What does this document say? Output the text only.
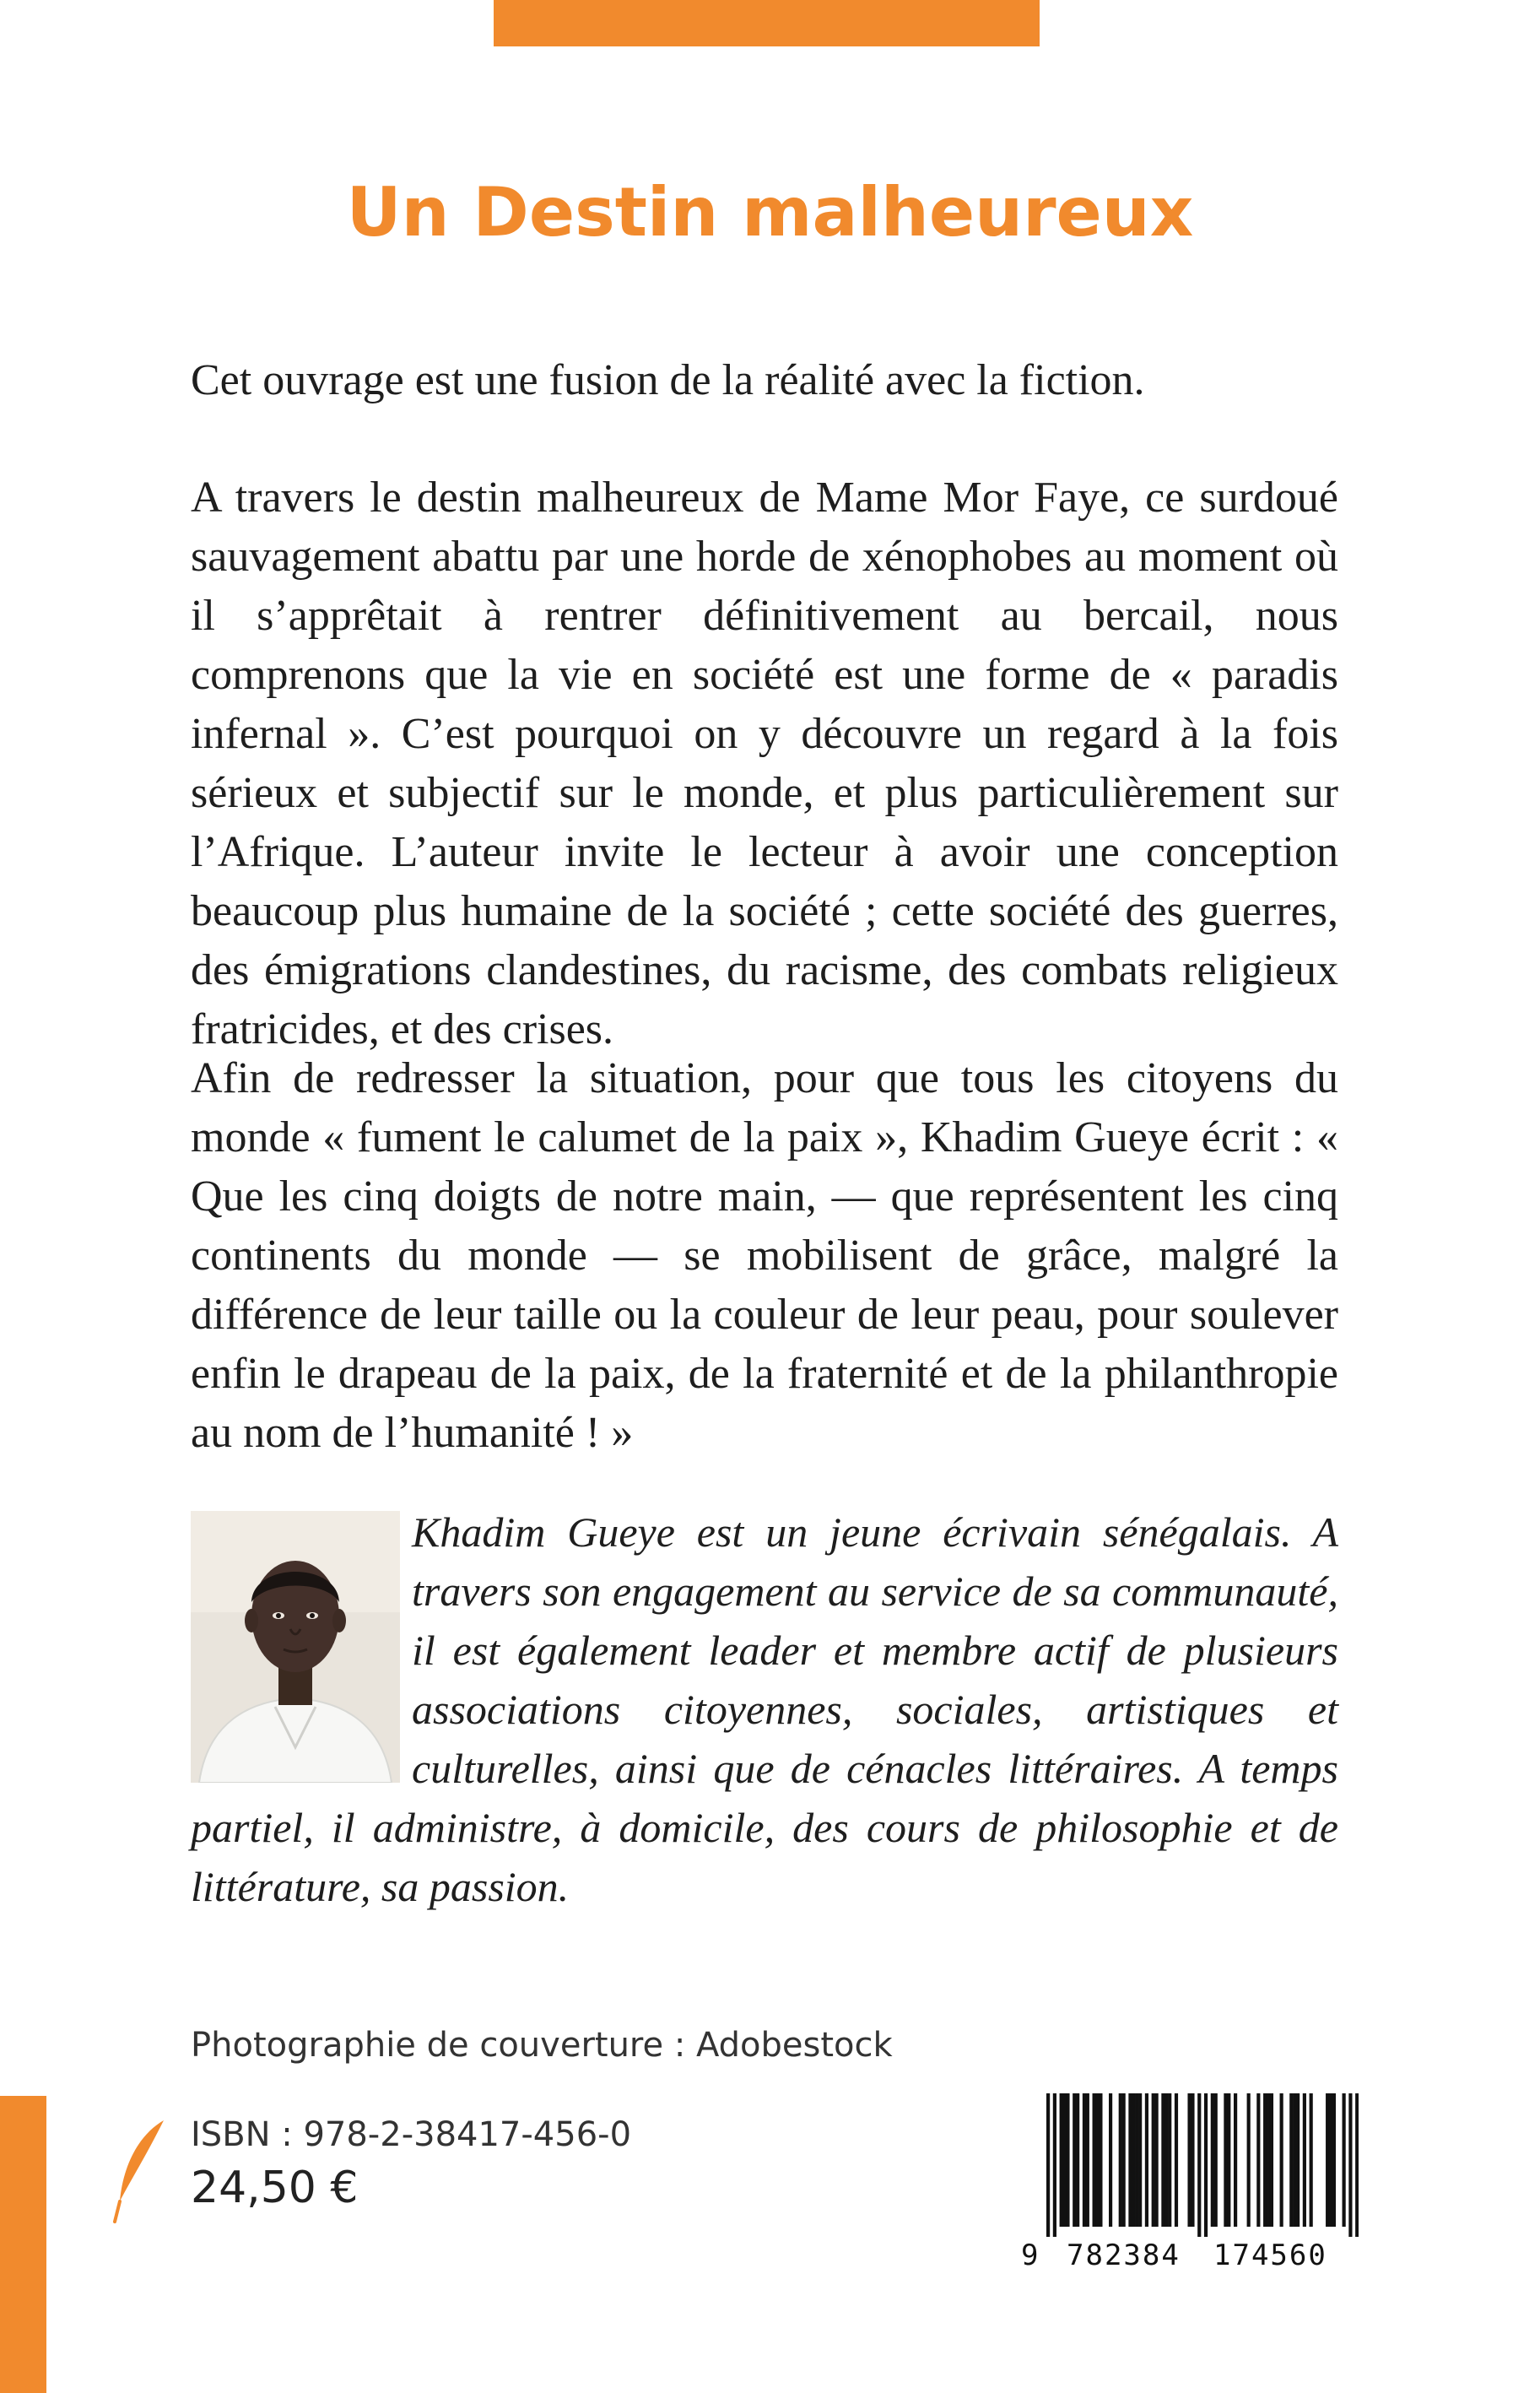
Un Destin malheureux

Cet ouvrage est une fusion de la réalité avec la fiction.

A travers le destin malheureux de Mame Mor Faye, ce surdoué sauvagement abattu par une horde de xénophobes au moment où il s’apprêtait à rentrer définitivement au bercail, nous comprenons que la vie en société est une forme de « paradis infernal ». C’est pourquoi on y découvre un regard à la fois sérieux et subjectif sur le monde, et plus particulièrement sur l’Afrique. L’auteur invite le lecteur à avoir une conception beaucoup plus humaine de la société ; cette société des guerres, des émigrations clandestines, du racisme, des combats religieux fratricides, et des crises.

Afin de redresser la situation, pour que tous les citoyens du monde « fument le calumet de la paix », Khadim Gueye écrit : « Que les cinq doigts de notre main, — que représentent les cinq continents du monde — se mobilisent de grâce, malgré la différence de leur taille ou la couleur de leur peau, pour soulever enfin le drapeau de la paix, de la fraternité et de la philanthropie au nom de l’humanité ! »

Khadim Gueye est un jeune écrivain sénégalais. A travers son engagement au service de sa communauté, il est également leader et membre actif de plusieurs associations citoyennes, sociales, artistiques et culturelles, ainsi que de cénacles littéraires. A temps partiel, il administre, à domicile, des cours de philosophie et de littérature, sa passion.

Photographie de couverture : Adobestock

ISBN : 978-2-38417-456-0

24,50 €

9 782384 174560
